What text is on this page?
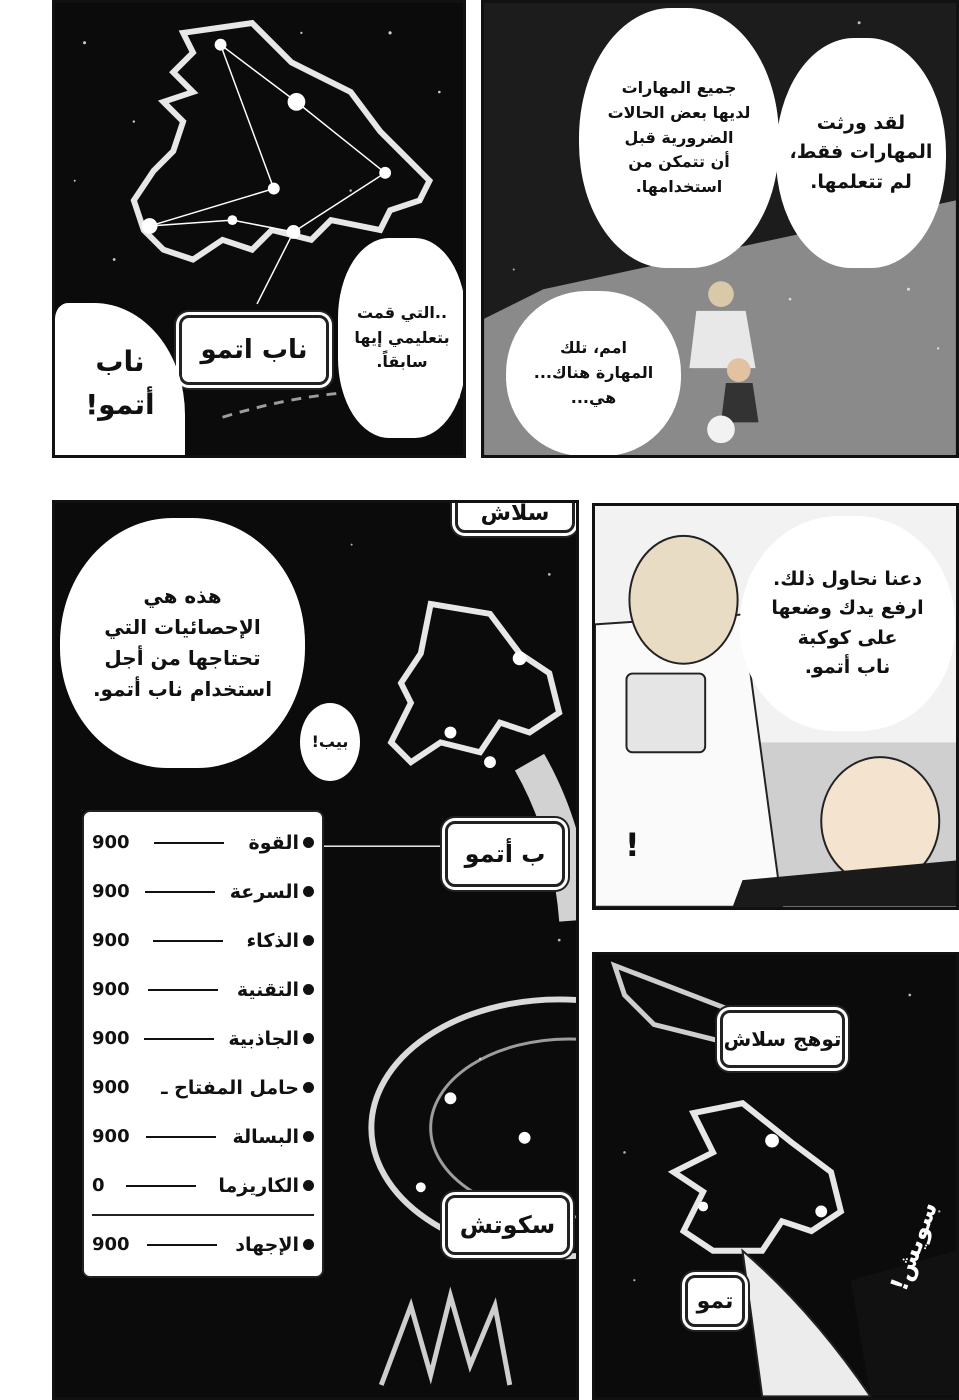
..التي قمت
بتعليمي إيها
سابقاً.
ناب اتمو
ناب
أتمو!
جميع المهارات
لديها بعض الحالات
الضرورية قبل
أن تتمكن من
استخدامها.
لقد ورثت
المهارات فقط،
لم تتعلمها.
امم، تلك
المهارة هناك...
هي...
سلاش
هذه هي
الإحصائيات التي
تحتاجها من أجل
استخدام ناب أتمو.
بيب!
ب أتمو
سكوتش
القوة
900
السرعة
900
الذكاء
900
التقنية
900
الجاذبية
900
حامل المفتاح ـ
900
البسالة
900
الكاريزما
0
الإجهاد
900
دعنا نحاول ذلك.
ارفع يدك وضعها
على كوكبة
ناب أتمو.
!
توهج سلاش
تمو
سويش!
